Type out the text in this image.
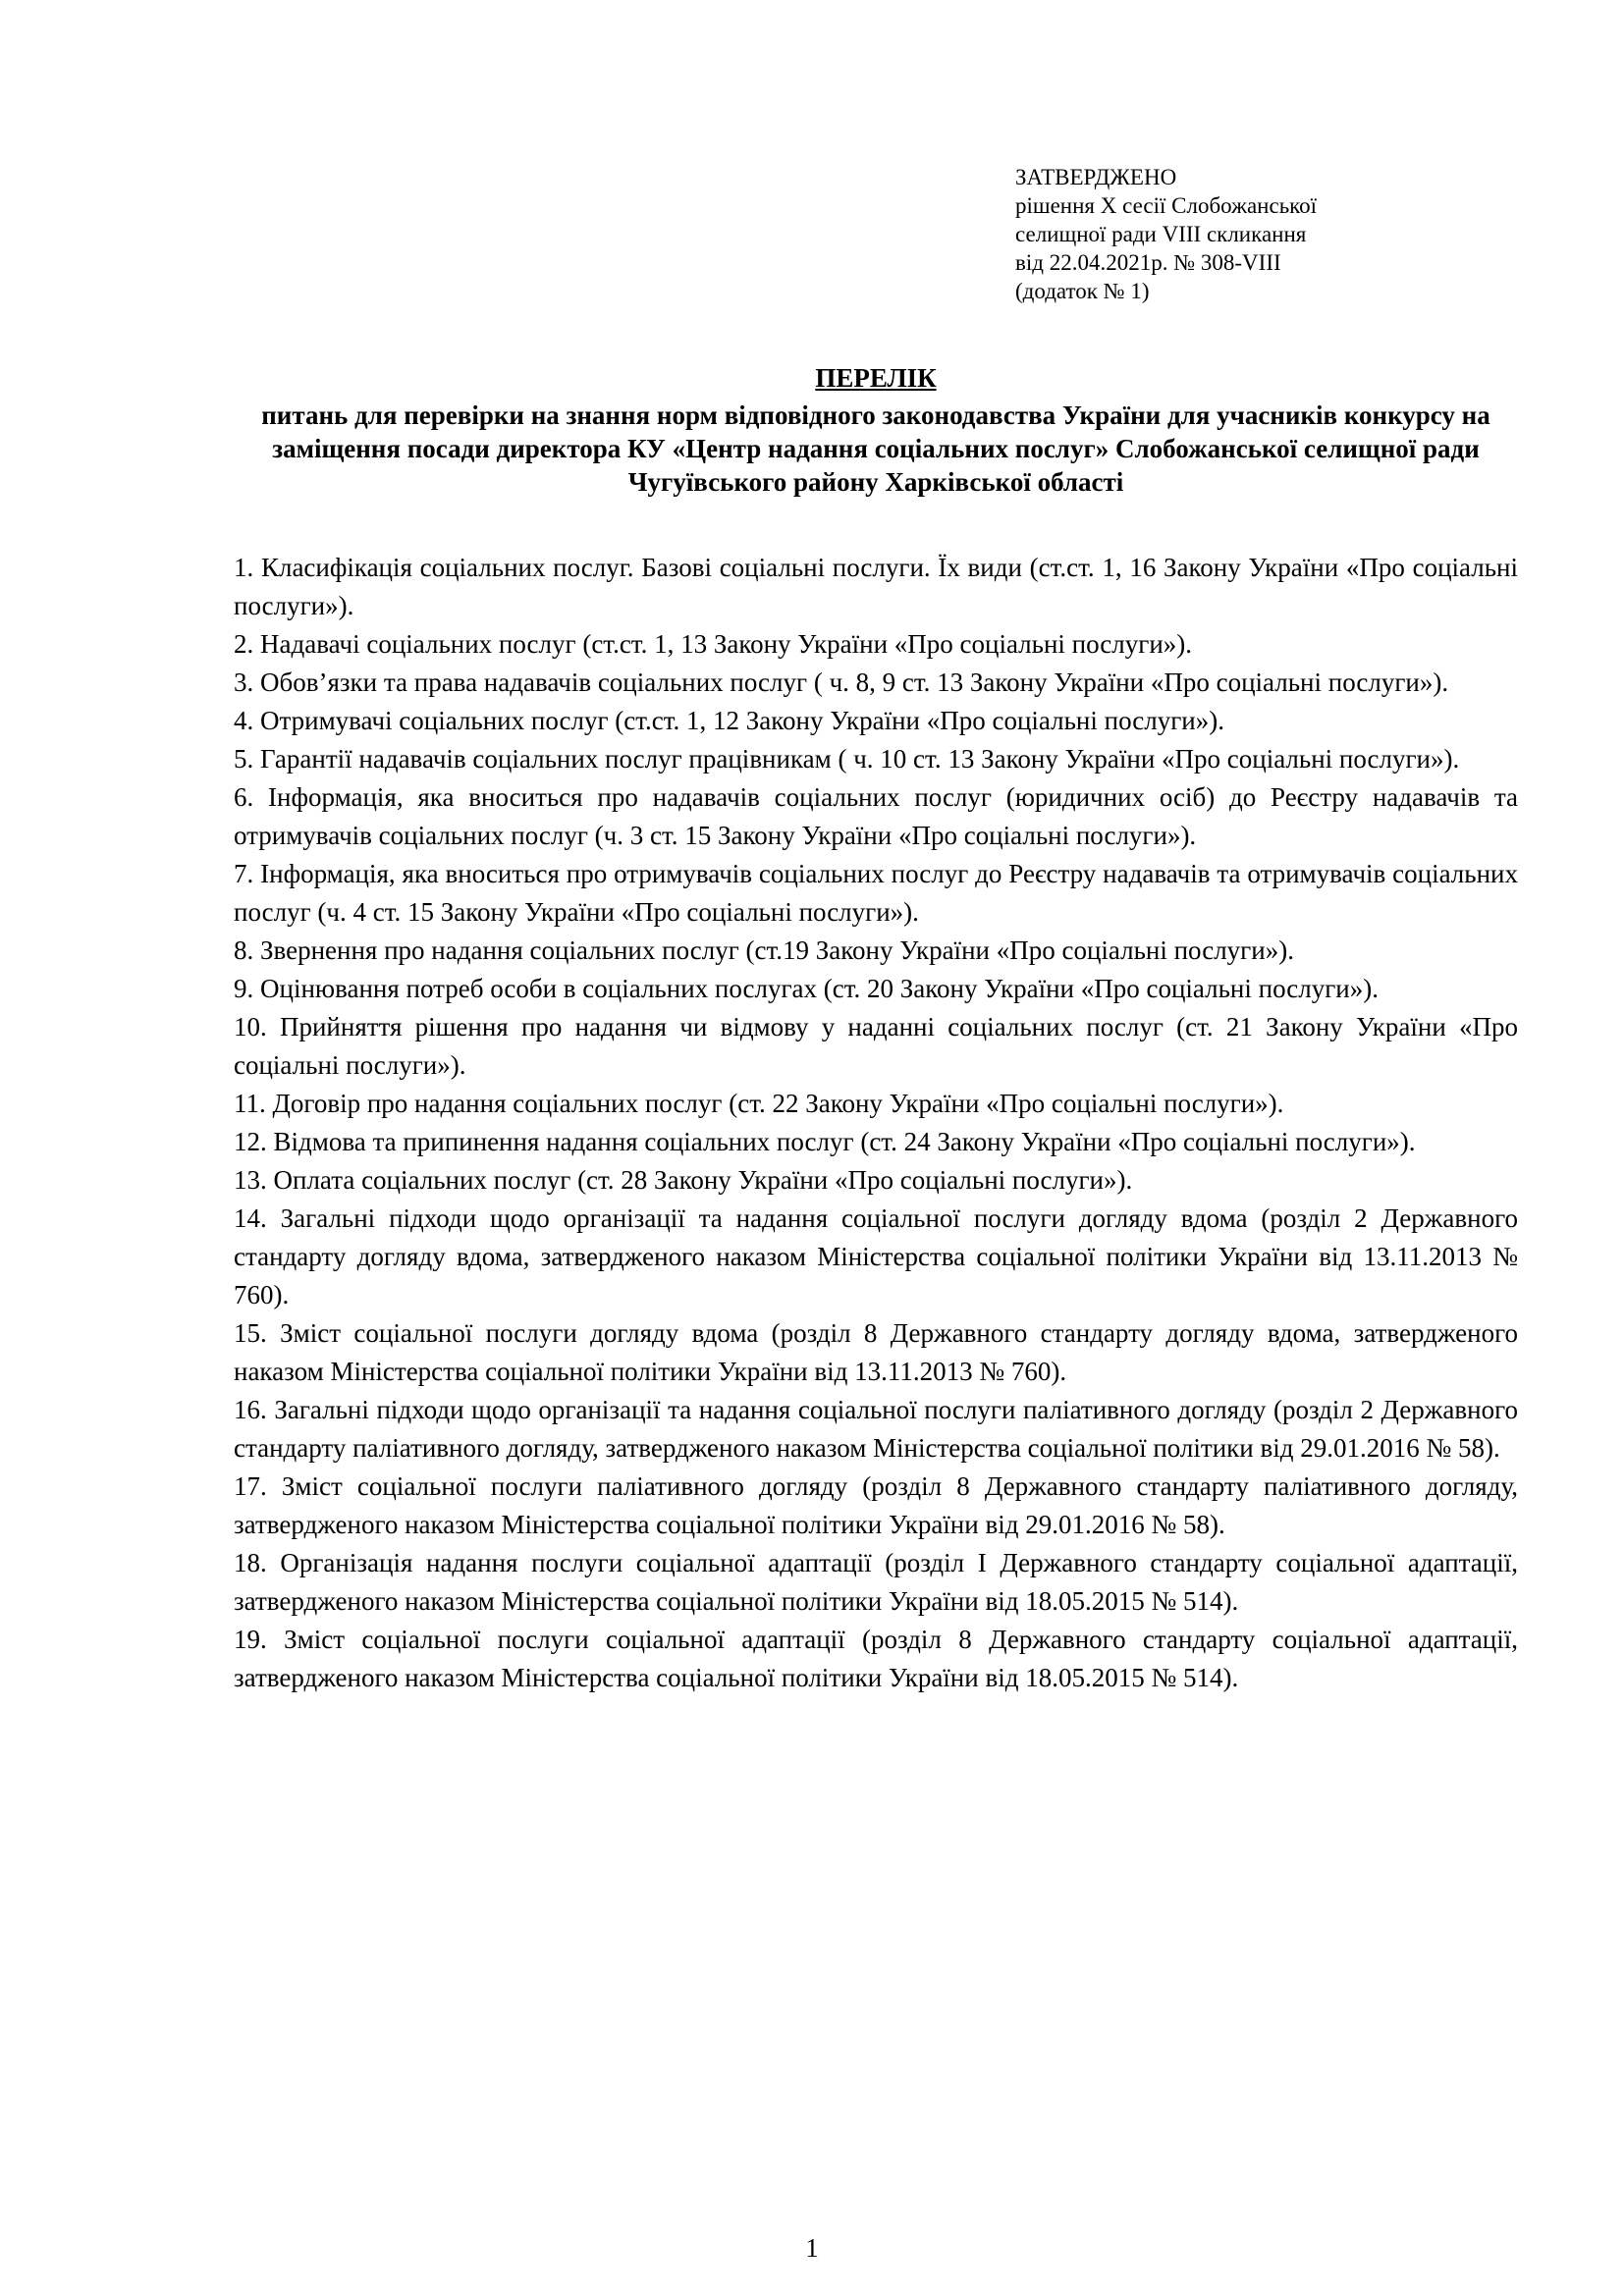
ЗАТВЕРДЖЕНО
рішення X сесії Слобожанської
селищної ради VIII скликання
від 22.04.2021р. № 308-VIII
(додаток № 1)
ПЕРЕЛІК
питань для перевірки на знання норм відповідного законодавства України для учасників конкурсу на заміщення посади директора КУ «Центр надання соціальних послуг» Слобожанської селищної ради Чугуївського району Харківської області

1. Класифікація соціальних послуг. Базові соціальні послуги. Їх види (ст.ст. 1, 16 Закону України «Про соціальні послуги»).

2. Надавачі соціальних послуг (ст.ст. 1, 13 Закону України «Про соціальні послуги»).

3. Обов’язки та права надавачів соціальних послуг ( ч. 8, 9 ст. 13 Закону України «Про соціальні послуги»).

4. Отримувачі соціальних послуг (ст.ст. 1, 12 Закону України «Про соціальні послуги»).

5. Гарантії надавачів соціальних послуг працівникам ( ч. 10 ст. 13 Закону України «Про соціальні послуги»).

6. Інформація, яка вноситься про надавачів соціальних послуг (юридичних осіб) до Реєстру надавачів та отримувачів соціальних послуг (ч. 3 ст. 15 Закону України «Про соціальні послуги»).

7. Інформація, яка вноситься про отримувачів соціальних послуг до Реєстру надавачів та отримувачів соціальних послуг (ч. 4 ст. 15 Закону України «Про соціальні послуги»).

8. Звернення про надання соціальних послуг (ст.19 Закону України «Про соціальні послуги»).

9. Оцінювання потреб особи в соціальних послугах (ст. 20 Закону України «Про соціальні послуги»).

10. Прийняття рішення про надання чи відмову у наданні соціальних послуг (ст. 21 Закону України «Про соціальні послуги»).

11. Договір про надання соціальних послуг (ст. 22 Закону України «Про соціальні послуги»).

12. Відмова та припинення надання соціальних послуг (ст. 24 Закону України «Про соціальні послуги»).

13. Оплата соціальних послуг (ст. 28 Закону України «Про соціальні послуги»).

14. Загальні підходи щодо організації та надання соціальної послуги догляду вдома (розділ 2 Державного стандарту догляду вдома, затвердженого наказом Міністерства соціальної політики України від 13.11.2013 № 760).

15. Зміст соціальної послуги догляду вдома (розділ 8 Державного стандарту догляду вдома, затвердженого наказом Міністерства соціальної політики України від 13.11.2013 № 760).

16. Загальні підходи щодо організації та надання соціальної послуги паліативного догляду (розділ 2 Державного стандарту паліативного догляду, затвердженого наказом Міністерства соціальної політики від 29.01.2016 № 58).

17. Зміст соціальної послуги паліативного догляду (розділ 8 Державного стандарту паліативного догляду, затвердженого наказом Міністерства соціальної політики України від 29.01.2016 № 58).

18. Організація надання послуги соціальної адаптації (розділ І Державного стандарту соціальної адаптації, затвердженого наказом Міністерства соціальної політики України від 18.05.2015 № 514).

19. Зміст соціальної послуги соціальної адаптації (розділ 8 Державного стандарту соціальної адаптації, затвердженого наказом Міністерства соціальної політики України від 18.05.2015 № 514).

1
